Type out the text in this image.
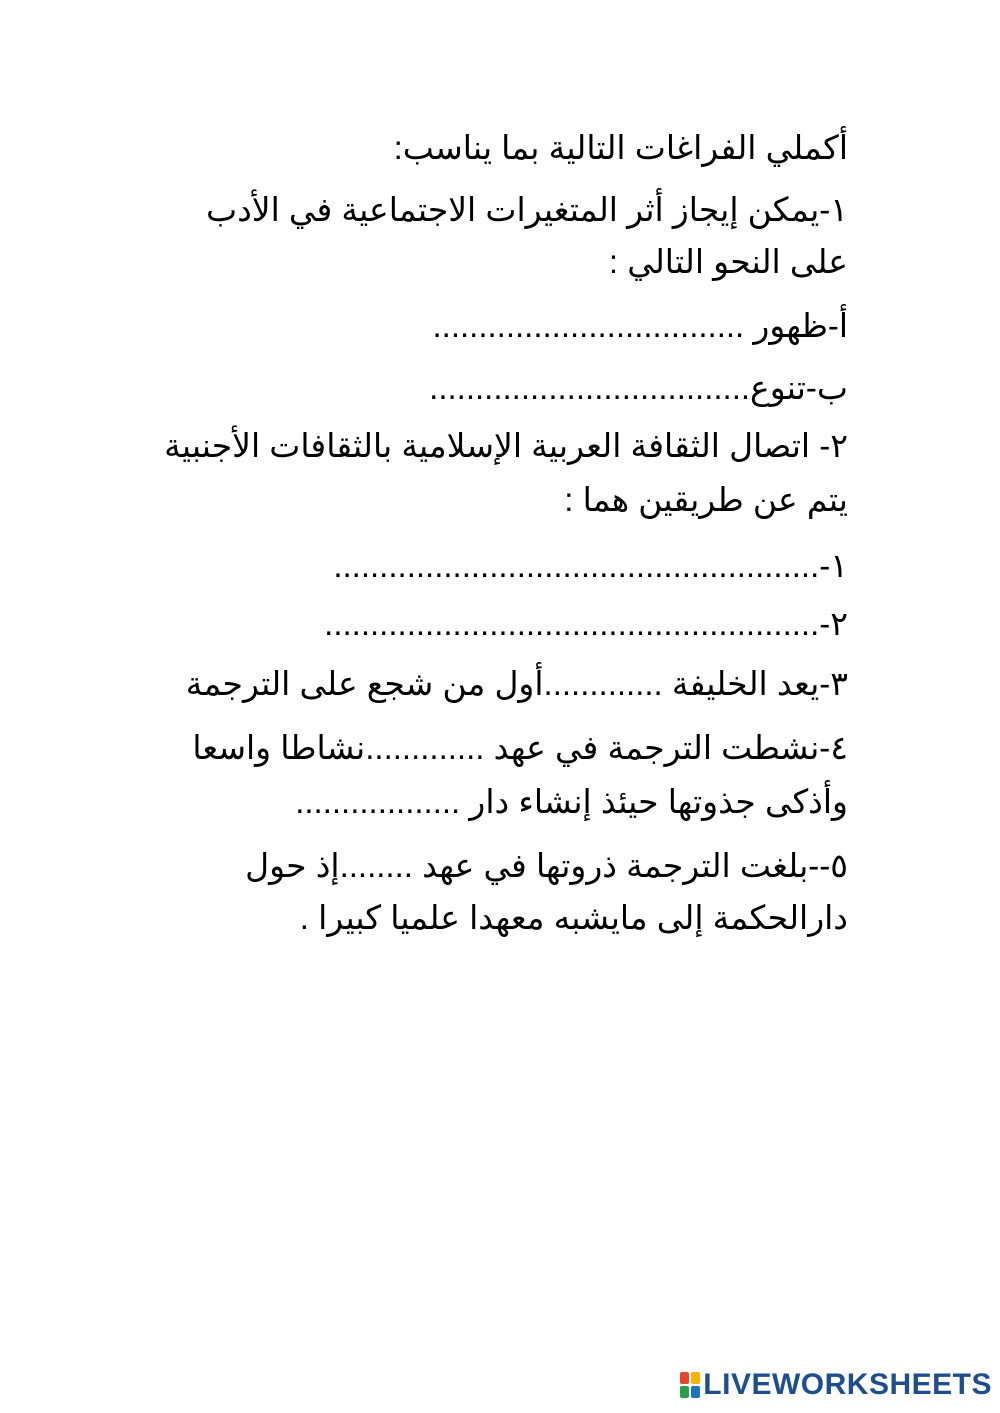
أكملي الفراغات التالية بما يناسب:
١-يمكن إيجاز أثر المتغيرات الاجتماعية في الأدب
على النحو التالي :
أ-ظهور ..................................
ب-تنوع...................................
٢- اتصال الثقافة العربية الإسلامية بالثقافات الأجنبية
يتم عن طريقين هما :
١-.....................................................
٢-......................................................
٣-يعد الخليفة .............أول من شجع على الترجمة
٤-نشطت الترجمة في عهد .............نشاطا واسعا
وأذكى جذوتها حيئذ إنشاء دار ..................
٥--بلغت الترجمة ذروتها في عهد ........إذ حول
دارالحكمة إلى مايشبه معهدا علميا كبيرا .
LIVEWORKSHEETS
